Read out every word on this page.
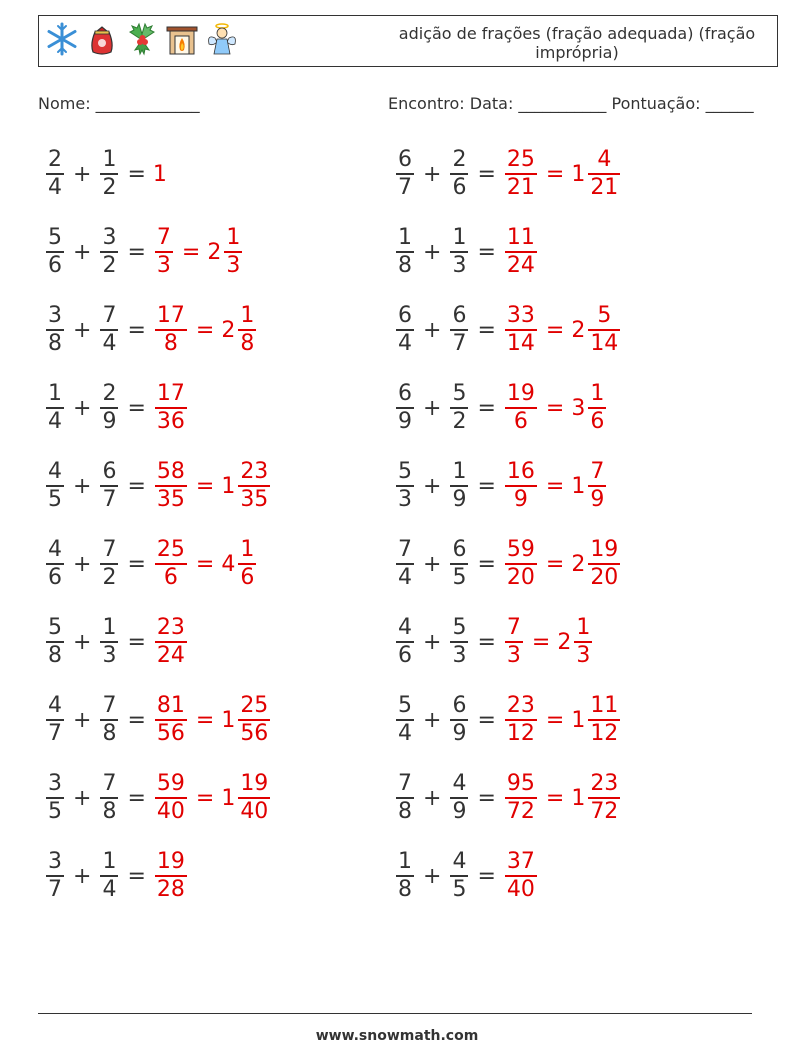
adição de frações (fração adequada) (fração imprópria)
Nome: _____________	Encontro: Data: ___________ Pontuação: ______
$\frac{2}{4} + \frac{1}{2} = 1$
$\frac{5}{6} + \frac{3}{2} = \frac{7}{3} = 2 \frac{1}{3}$
$\frac{3}{8} + \frac{7}{4} = \frac{17}{8} = 2 \frac{1}{8}$
$\frac{1}{4} + \frac{2}{9} = \frac{17}{36}$
$\frac{4}{5} + \frac{6}{7} = \frac{58}{35} = 1 \frac{23}{35}$
$\frac{4}{6} + \frac{7}{2} = \frac{25}{6} = 4 \frac{1}{6}$
$\frac{5}{8} + \frac{1}{3} = \frac{23}{24}$
$\frac{4}{7} + \frac{7}{8} = \frac{81}{56} = 1 \frac{25}{56}$
$\frac{3}{5} + \frac{7}{8} = \frac{59}{40} = 1 \frac{19}{40}$
$\frac{3}{7} + \frac{1}{4} = \frac{19}{28}$
$\frac{6}{7} + \frac{2}{6} = \frac{25}{21} = 1 \frac{4}{21}$
$\frac{1}{8} + \frac{1}{3} = \frac{11}{24}$
$\frac{6}{4} + \frac{6}{7} = \frac{33}{14} = 2 \frac{5}{14}$
$\frac{6}{9} + \frac{5}{2} = \frac{19}{6} = 3 \frac{1}{6}$
$\frac{5}{3} + \frac{1}{9} = \frac{16}{9} = 1 \frac{7}{9}$
$\frac{7}{4} + \frac{6}{5} = \frac{59}{20} = 2 \frac{19}{20}$
$\frac{4}{6} + \frac{5}{3} = \frac{7}{3} = 2 \frac{1}{3}$
$\frac{5}{4} + \frac{6}{9} = \frac{23}{12} = 1 \frac{11}{12}$
$\frac{7}{8} + \frac{4}{9} = \frac{95}{72} = 1 \frac{23}{72}$
$\frac{1}{8} + \frac{4}{5} = \frac{37}{40}$
www.snowmath.com
